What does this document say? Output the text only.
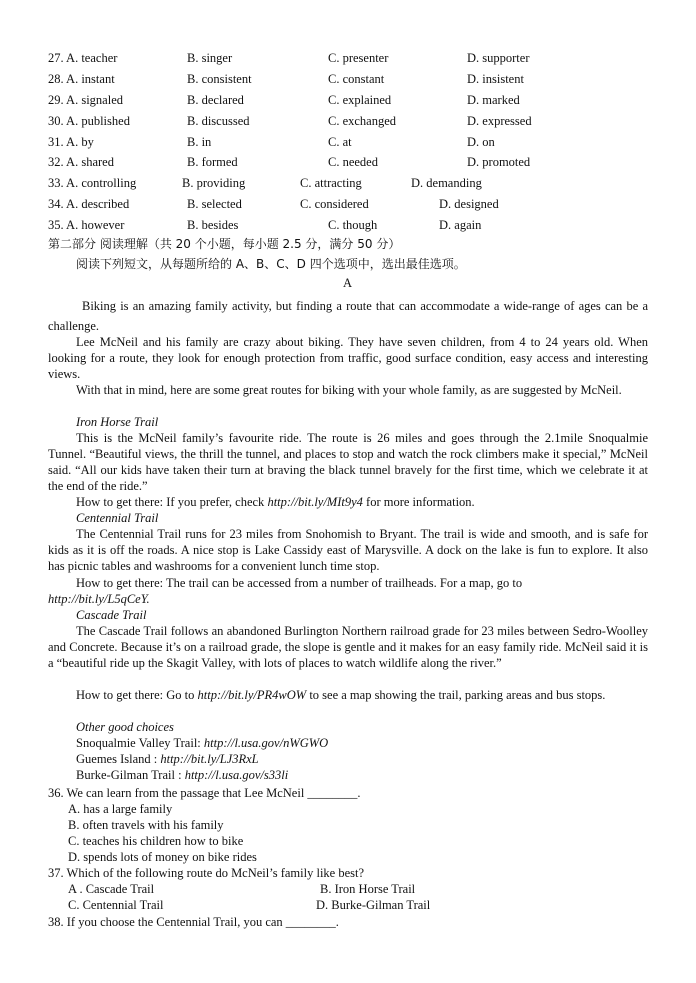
27. A. teacher	B. singer	C. presenter	D. supporter
28. A. instant	B. consistent	C. constant	D. insistent
29. A. signaled	B. declared	C. explained	D. marked
30. A. published	B. discussed	C. exchanged	D. expressed
31. A. by	B. in	C. at	D. on
32. A. shared	B. formed	C. needed	D. promoted
33. A. controlling	B. providing	C. attracting	D. demanding
34. A. described	B. selected	C. considered	D. designed
35. A. however	B. besides	C. though	D. again
第二部分 阅读理解（共 20 个小题，每小题 2.5 分，满分 50 分）
阅读下列短文，从每题所给的 A、B、C、D 四个选项中，选出最佳选项。
A
Biking is an amazing family activity, but finding a route that can accommodate a wide-range of ages can be a challenge.
Lee McNeil and his family are crazy about biking. They have seven children, from 4 to 24 years old. When looking for a route, they look for enough protection from traffic, good surface condition, easy access and interesting views.
With that in mind, here are some great routes for biking with your whole family, as are suggested by McNeil.
Iron Horse Trail
This is the McNeil family’s favourite ride. The route is 26 miles and goes through the 2.1mile Snoqualmie Tunnel. “Beautiful views, the thrill the tunnel, and places to stop and watch the rock climbers make it special,” McNeil said. “All our kids have taken their turn at braving the black tunnel bravely for the first time, which we celebrate it at the end of the ride.”
How to get there: If you prefer, check http://bit.ly/MIt9y4 for more information.
Centennial Trail
The Centennial Trail runs for 23 miles from Snohomish to Bryant. The trail is wide and smooth, and is safe for kids as it is off the roads. A nice stop is Lake Cassidy east of Marysville. A dock on the lake is fun to explore. It also has picnic tables and washrooms for a convenient lunch time stop.
How to get there: The trail can be accessed from a number of trailheads. For a map, go to
http://bit.ly/L5qCeY.
Cascade Trail
The Cascade Trail follows an abandoned Burlington Northern railroad grade for 23 miles between Sedro-Woolley and Concrete. Because it’s on a railroad grade, the slope is gentle and it makes for an easy family ride. McNeil said it is a “beautiful ride up the Skagit Valley, with lots of places to watch wildlife along the river.”
How to get there: Go to http://bit.ly/PR4wOW to see a map showing the trail, parking areas and bus stops.
Other good choices
Snoqualmie Valley Trail: http://l.usa.gov/nWGWO
Guemes Island : http://bit.ly/LJ3RxL
Burke-Gilman Trail : http://l.usa.gov/s33li
36. We can learn from the passage that Lee McNeil ________.
A. has a large family
B. often travels with his family
C. teaches his children how to bike
D. spends lots of money on bike rides
37. Which of the following route do McNeil’s family like best?
A . Cascade Trail	B. Iron Horse Trail
C. Centennial Trail	D. Burke-Gilman Trail
38. If you choose the Centennial Trail, you can ________.
